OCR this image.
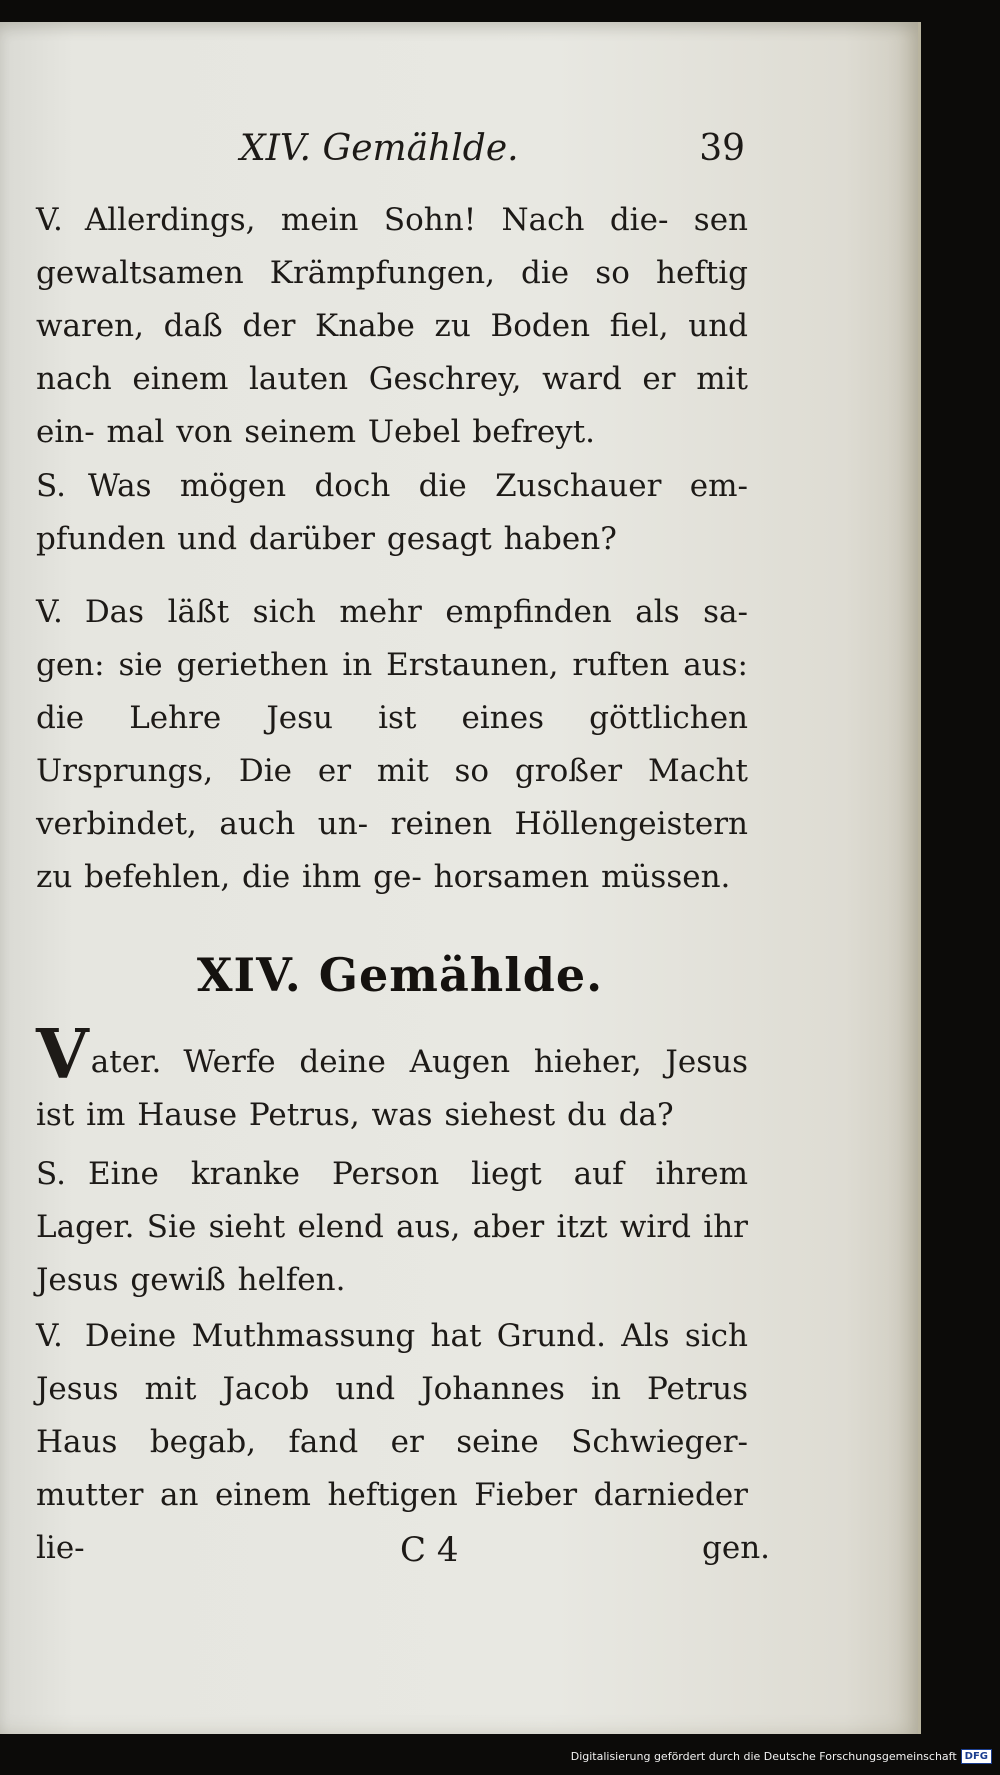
XIV. Gemählde.	39

V. Allerdings, mein Sohn! Nach die- sen gewaltsamen Krämpfungen, die so heftig waren, daß der Knabe zu Boden fiel, und nach einem lauten Geschrey, ward er mit ein- mal von seinem Uebel befreyt.

S. Was mögen doch die Zuschauer em- pfunden und darüber gesagt haben?

V. Das läßt sich mehr empfinden als sa- gen: sie geriethen in Erstaunen, ruften aus: die Lehre Jesu ist eines göttlichen Ursprungs, Die er mit so großer Macht verbindet, auch un- reinen Höllengeistern zu befehlen, die ihm ge- horsamen müssen.

XIV. Gemählde.

Vater. Werfe deine Augen hieher, Jesus ist im Hause Petrus, was siehest du da?

S. Eine kranke Person liegt auf ihrem Lager. Sie sieht elend aus, aber itzt wird ihr Jesus gewiß helfen.

V. Deine Muthmassung hat Grund. Als sich Jesus mit Jacob und Johannes in Petrus Haus begab, fand er seine Schwieger- mutter an einem heftigen Fieber darnieder lie-	C 4	gen.
Digitalisierung gefördert durch die Deutsche Forschungsgemeinschaft DFG
